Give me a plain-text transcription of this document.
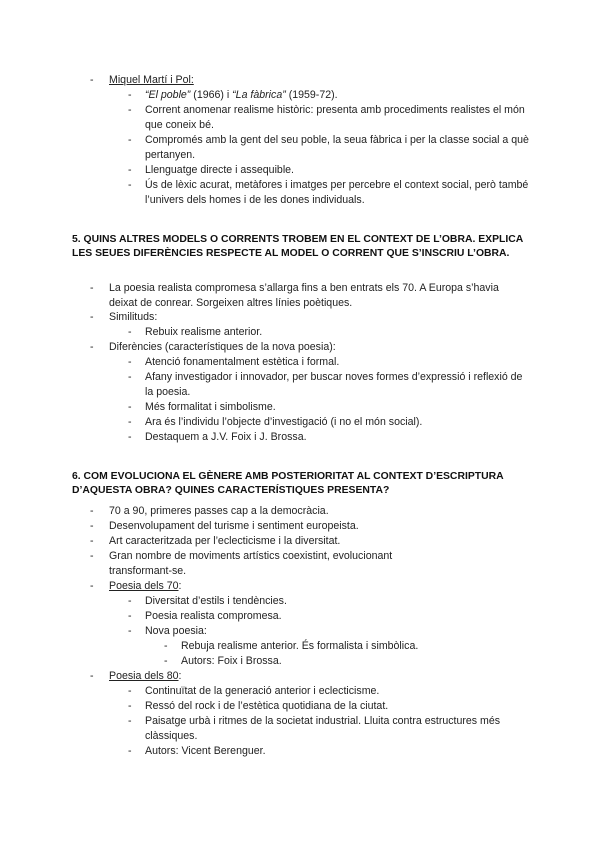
- Miquel Martí i Pol:
- “El poble” (1966) i “La fàbrica” (1959-72).
- Corrent anomenar realisme històric: presenta amb procediments realistes el món que coneix bé.
- Compromés amb la gent del seu poble, la seua fàbrica i per la classe social a què pertanyen.
- Llenguatge directe i assequible.
- Ús de lèxic acurat, metàfores i imatges per percebre el context social, però també l’univers dels homes i de les dones individuals.
5. QUINS ALTRES MODELS O CORRENTS TROBEM EN EL CONTEXT DE L’OBRA. EXPLICA LES SEUES DIFERÈNCIES RESPECTE AL MODEL O CORRENT QUE S’INSCRIU L’OBRA.
- La poesia realista compromesa s’allarga fins a ben entrats els 70. A Europa s’havia deixat de conrear. Sorgeixen altres línies poètiques.
- Similituds:
- Rebuix realisme anterior.
- Diferències (característiques de la nova poesia):
- Atenció fonamentalment estètica i formal.
- Afany investigador i innovador, per buscar noves formes d’expressió i reflexió de la poesia.
- Més formalitat i simbolisme.
- Ara és l’individu l’objecte d’investigació (i no el món social).
- Destaquem a J.V. Foix i J. Brossa.
6. COM EVOLUCIONA EL GÈNERE AMB POSTERIORITAT AL CONTEXT D’ESCRIPTURA D’AQUESTA OBRA? QUINES CARACTERÍSTIQUES PRESENTA?
- 70 a 90, primeres passes cap a la democràcia.
- Desenvolupament del turisme i sentiment europeista.
- Art caracteritzada per l’eclecticisme i la diversitat.
- Gran nombre de moviments artístics coexistint, evolucionant transformant-se.
- Poesia dels 70:
- Diversitat d’estils i tendències.
- Poesia realista compromesa.
- Nova poesia:
- Rebuja realisme anterior. És formalista i simbòlica.
- Autors: Foix i Brossa.
- Poesia dels 80:
- Continuïtat de la generació anterior i eclecticisme.
- Ressó del rock i de l’estètica quotidiana de la ciutat.
- Paisatge urbà i ritmes de la societat industrial. Lluita contra estructures més clàssiques.
- Autors: Vicent Berenguer.
